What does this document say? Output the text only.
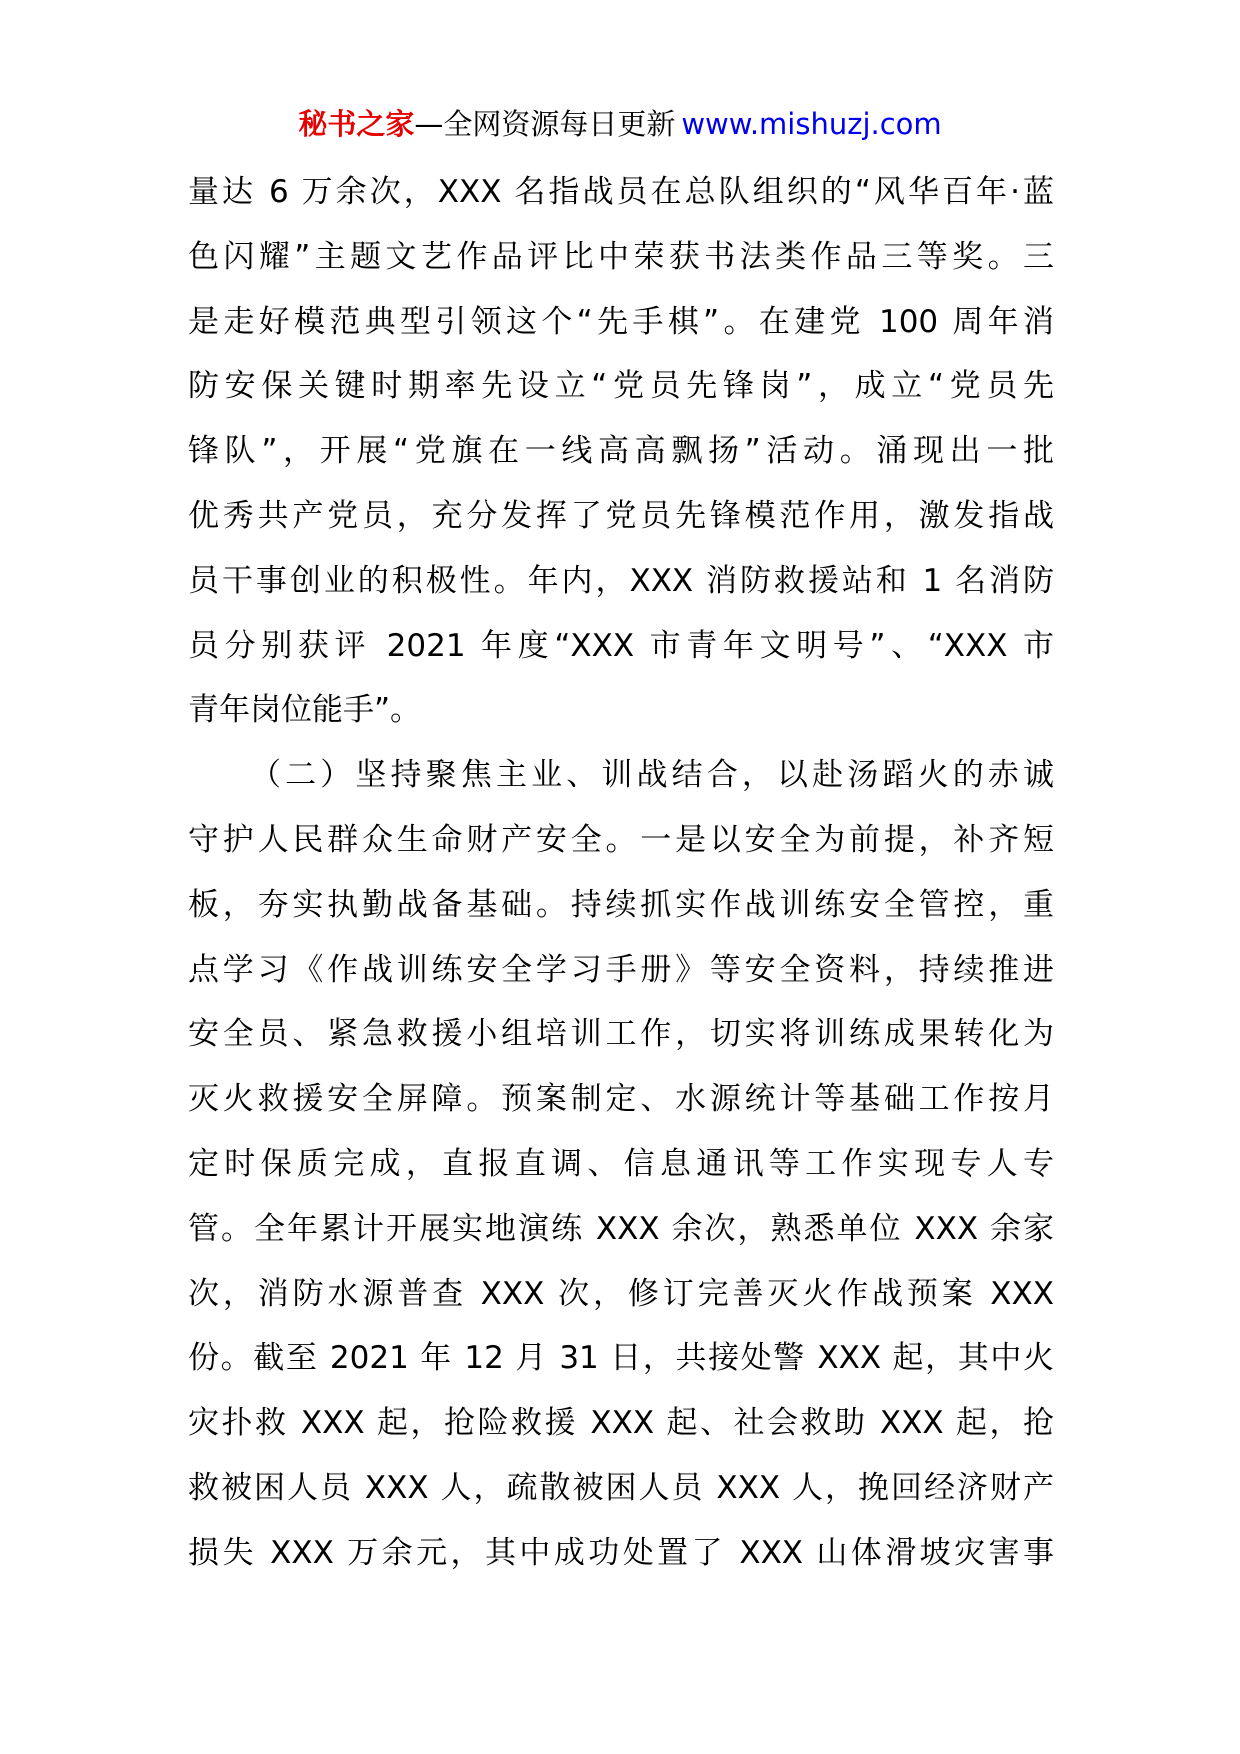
秘书之家—全网资源每日更新 www.mishuzj.com
量达 6 万余次，XXX 名指战员在总队组织的“风华百年·蓝
色闪耀”主题文艺作品评比中荣获书法类作品三等奖。三
是走好模范典型引领这个“先手棋”。在建党 100 周年消
防安保关键时期率先设立“党员先锋岗”，成立“党员先
锋队”，开展“党旗在一线高高飘扬”活动。涌现出一批
优秀共产党员，充分发挥了党员先锋模范作用，激发指战
员干事创业的积极性。年内，XXX 消防救援站和 1 名消防
员分别获评 2021 年度“XXX 市青年文明号”、“XXX 市
青年岗位能手”。
（二）坚持聚焦主业、训战结合，以赴汤蹈火的赤诚
守护人民群众生命财产安全。一是以安全为前提，补齐短
板，夯实执勤战备基础。持续抓实作战训练安全管控，重
点学习《作战训练安全学习手册》等安全资料，持续推进
安全员、紧急救援小组培训工作，切实将训练成果转化为
灭火救援安全屏障。预案制定、水源统计等基础工作按月
定时保质完成，直报直调、信息通讯等工作实现专人专
管。全年累计开展实地演练 XXX 余次，熟悉单位 XXX 余家
次，消防水源普查 XXX 次，修订完善灭火作战预案 XXX
份。截至 2021 年 12 月 31 日，共接处警 XXX 起，其中火
灾扑救 XXX 起，抢险救援 XXX 起、社会救助 XXX 起，抢
救被困人员 XXX 人，疏散被困人员 XXX 人，挽回经济财产
损失 XXX 万余元，其中成功处置了 XXX 山体滑坡灾害事
